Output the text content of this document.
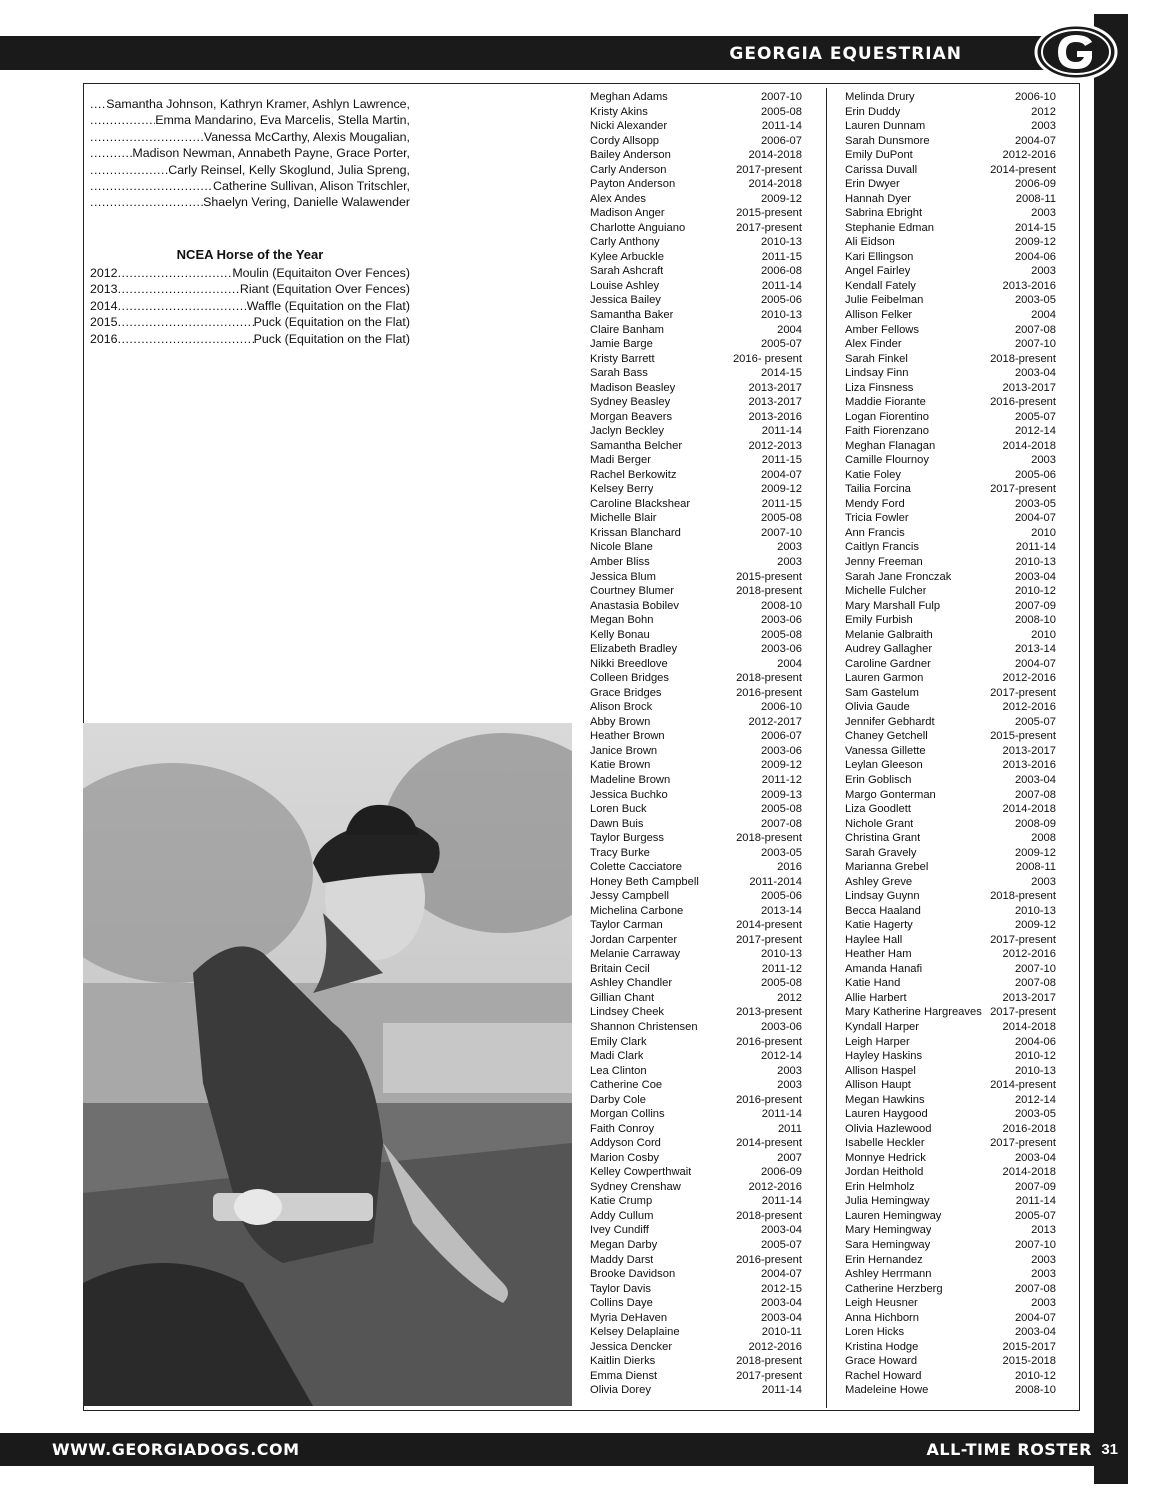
GEORGIA EQUESTRIAN
.....
Samantha Johnson, Kathryn Kramer, Ashlyn Lawrence,
.....
Emma Mandarino, Eva Marcelis, Stella Martin,
.....
Vanessa McCarthy, Alexis Mougalian,
.....
Madison Newman, Annabeth Payne, Grace Porter,
.....
Carly Reinsel, Kelly Skoglund, Julia Spreng,
.....
Catherine Sullivan, Alison Tritschler,
.....
Shaelyn Vering, Danielle Walawender
NCEA Horse of the Year
2012 .....	Moulin (Equitaiton Over Fences)
2013 .....	Riant (Equitation Over Fences)
2014 .....	Waffle (Equitation on the Flat)
2015 .....	Puck (Equitation on the Flat)
2016 .....	Puck (Equitation on the Flat)
Meghan Adams	2007-10
Kristy Akins	2005-08
Nicki Alexander	2011-14
Cordy Allsopp	2006-07
Bailey Anderson	2014-2018
Carly Anderson	2017-present
Payton Anderson	2014-2018
Alex Andes	2009-12
Madison Anger	2015-present
Charlotte Anguiano	2017-present
Carly Anthony	2010-13
Kylee Arbuckle	2011-15
Sarah Ashcraft	2006-08
Louise Ashley	2011-14
Jessica Bailey	2005-06
Samantha Baker	2010-13
Claire Banham	2004
Jamie Barge	2005-07
Kristy Barrett	2016- present
Sarah Bass	2014-15
Madison Beasley	2013-2017
Sydney Beasley	2013-2017
Morgan Beavers	2013-2016
Jaclyn Beckley	2011-14
Samantha Belcher	2012-2013
Madi Berger	2011-15
Rachel Berkowitz	2004-07
Kelsey Berry	2009-12
Caroline Blackshear	2011-15
Michelle Blair	2005-08
Krissan Blanchard	2007-10
Nicole Blane	2003
Amber Bliss	2003
Jessica Blum	2015-present
Courtney Blumer	2018-present
Anastasia Bobilev	2008-10
Megan Bohn	2003-06
Kelly Bonau	2005-08
Elizabeth Bradley	2003-06
Nikki Breedlove	2004
Colleen Bridges	2018-present
Grace Bridges	2016-present
Alison Brock	2006-10
Abby Brown	2012-2017
Heather Brown	2006-07
Janice Brown	2003-06
Katie Brown	2009-12
Madeline Brown	2011-12
Jessica Buchko	2009-13
Loren Buck	2005-08
Dawn Buis	2007-08
Taylor Burgess	2018-present
Tracy Burke	2003-05
Colette Cacciatore	2016
Honey Beth Campbell	2011-2014
Jessy Campbell	2005-06
Michelina Carbone	2013-14
Taylor Carman	2014-present
Jordan Carpenter	2017-present
Melanie Carraway	2010-13
Britain Cecil	2011-12
Ashley Chandler	2005-08
Gillian Chant	2012
Lindsey Cheek	2013-present
Shannon Christensen	2003-06
Emily Clark	2016-present
Madi Clark	2012-14
Lea Clinton	2003
Catherine Coe	2003
Darby Cole	2016-present
Morgan Collins	2011-14
Faith Conroy	2011
Addyson Cord	2014-present
Marion Cosby	2007
Kelley Cowperthwait	2006-09
Sydney Crenshaw	2012-2016
Katie Crump	2011-14
Addy Cullum	2018-present
Ivey Cundiff	2003-04
Megan Darby	2005-07
Maddy Darst	2016-present
Brooke Davidson	2004-07
Taylor Davis	2012-15
Collins Daye	2003-04
Myria DeHaven	2003-04
Kelsey Delaplaine	2010-11
Jessica Dencker	2012-2016
Kaitlin Dierks	2018-present
Emma Dienst	2017-present
Olivia Dorey	2011-14
Melinda Drury	2006-10
Erin Duddy	2012
Lauren Dunnam	2003
Sarah Dunsmore	2004-07
Emily DuPont	2012-2016
Carissa Duvall	2014-present
Erin Dwyer	2006-09
Hannah Dyer	2008-11
Sabrina Ebright	2003
Stephanie Edman	2014-15
Ali Eidson	2009-12
Kari Ellingson	2004-06
Angel Fairley	2003
Kendall Fately	2013-2016
Julie Feibelman	2003-05
Allison Felker	2004
Amber Fellows	2007-08
Alex Finder	2007-10
Sarah Finkel	2018-present
Lindsay Finn	2003-04
Liza Finsness	2013-2017
Maddie Fiorante	2016-present
Logan Fiorentino	2005-07
Faith Fiorenzano	2012-14
Meghan Flanagan	2014-2018
Camille Flournoy	2003
Katie Foley	2005-06
Tailia Forcina	2017-present
Mendy Ford	2003-05
Tricia Fowler	2004-07
Ann Francis	2010
Caitlyn Francis	2011-14
Jenny Freeman	2010-13
Sarah Jane Fronczak	2003-04
Michelle Fulcher	2010-12
Mary Marshall Fulp	2007-09
Emily Furbish	2008-10
Melanie Galbraith	2010
Audrey Gallagher	2013-14
Caroline Gardner	2004-07
Lauren Garmon	2012-2016
Sam Gastelum	2017-present
Olivia Gaude	2012-2016
Jennifer Gebhardt	2005-07
Chaney Getchell	2015-present
Vanessa Gillette	2013-2017
Leylan Gleeson	2013-2016
Erin Goblisch	2003-04
Margo Gonterman	2007-08
Liza Goodlett	2014-2018
Nichole Grant	2008-09
Christina Grant	2008
Sarah Gravely	2009-12
Marianna Grebel	2008-11
Ashley Greve	2003
Lindsay Guynn	2018-present
Becca Haaland	2010-13
Katie Hagerty	2009-12
Haylee Hall	2017-present
Heather Ham	2012-2016
Amanda Hanafi	2007-10
Katie Hand	2007-08
Allie Harbert	2013-2017
Mary Katherine Hargreaves 2017-present
Kyndall Harper	2014-2018
Leigh Harper	2004-06
Hayley Haskins	2010-12
Allison Haspel	2010-13
Allison Haupt	2014-present
Megan Hawkins	2012-14
Lauren Haygood	2003-05
Olivia Hazlewood	2016-2018
Isabelle Heckler	2017-present
Monnye Hedrick	2003-04
Jordan Heithold	2014-2018
Erin Helmholz	2007-09
Julia Hemingway	2011-14
Lauren Hemingway	2005-07
Mary Hemingway	2013
Sara Hemingway	2007-10
Erin Hernandez	2003
Ashley Herrmann	2003
Catherine Herzberg	2007-08
Leigh Heusner	2003
Anna Hichborn	2004-07
Loren Hicks	2003-04
Kristina Hodge	2015-2017
Grace Howard	2015-2018
Rachel Howard	2010-12
Madeleine Howe	2008-10
WWW.GEORGIADOGS.COM	ALL-TIME ROSTER 31
